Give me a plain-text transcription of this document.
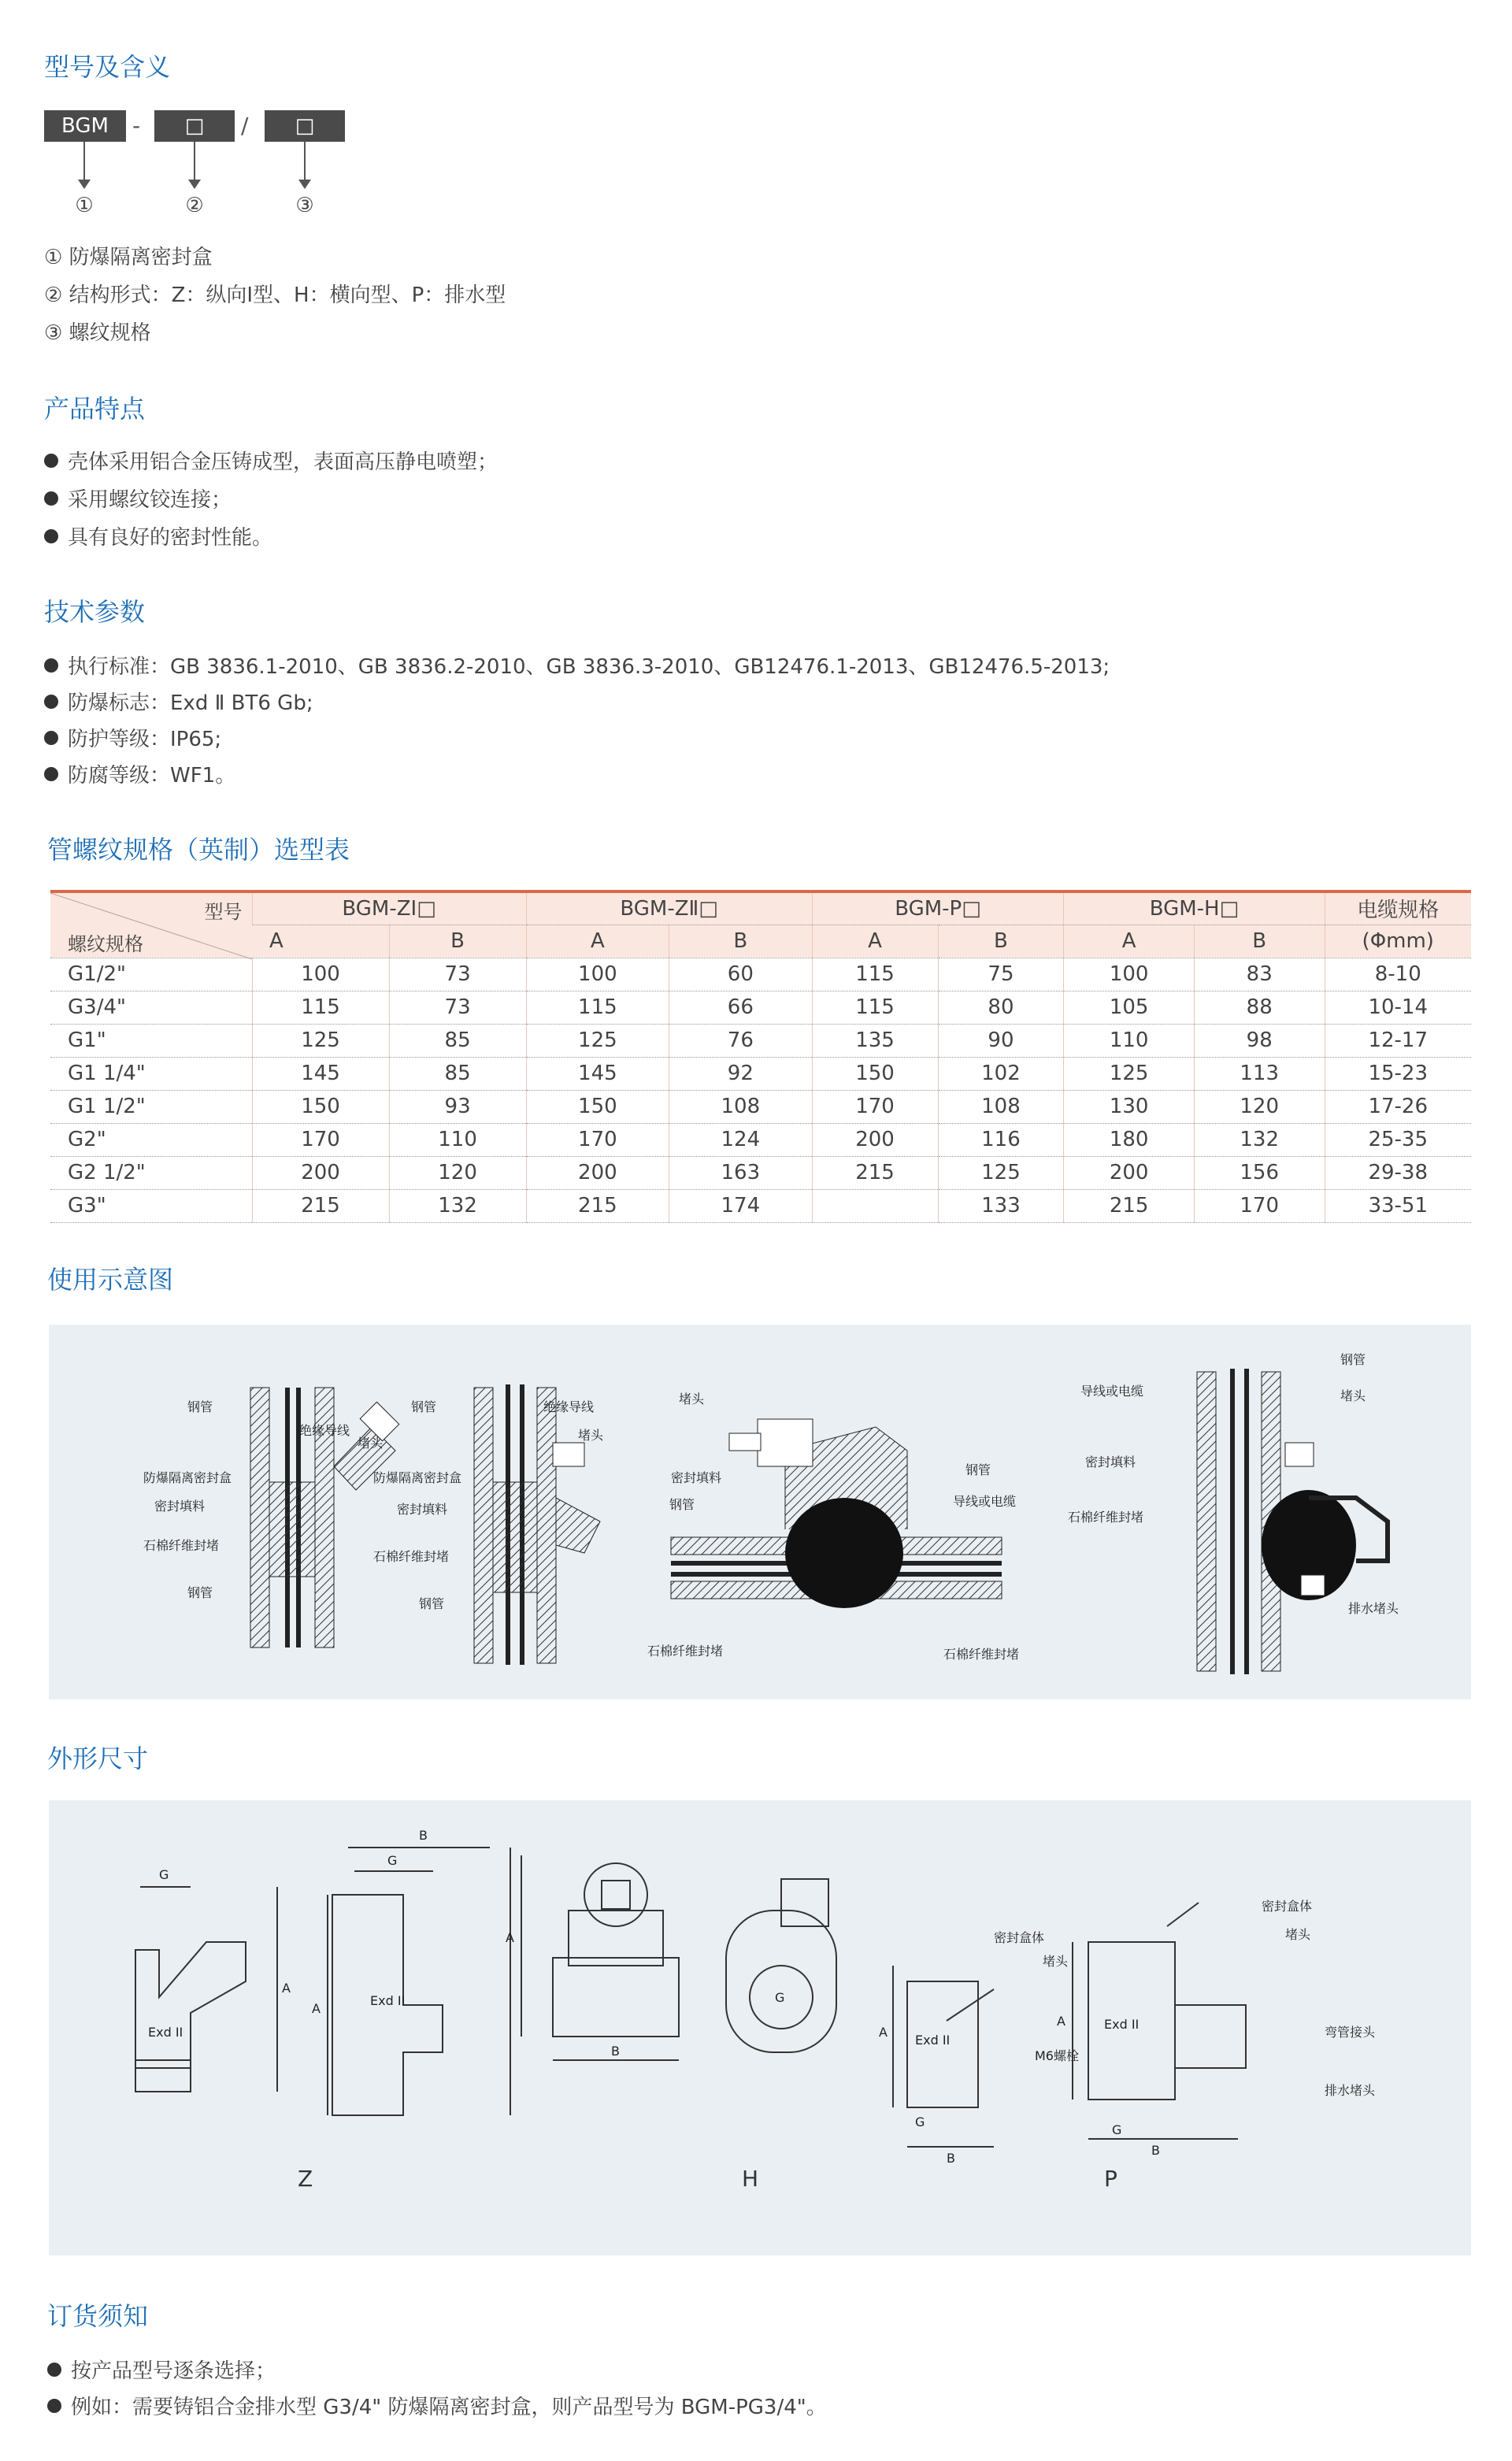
型号及含义
BGM	-	□	/	□
①	②	③
① 防爆隔离密封盒
② 结构形式：Z：纵向Ⅰ型、H：横向型、P：排水型
③ 螺纹规格
产品特点
壳体采用铝合金压铸成型，表面高压静电喷塑；
采用螺纹铰连接；
具有良好的密封性能。
技术参数
执行标准：GB 3836.1-2010、GB 3836.2-2010、GB 3836.3-2010、GB12476.1-2013、GB12476.5-2013;
防爆标志：Exd Ⅱ BT6 Gb;
防护等级：IP65;
防腐等级：WF1。
管螺纹规格（英制）选型表
型号
螺纹规格	BGM-ZⅠ□		BGM-ZⅡ□		BGM-P□		BGM-H□		电缆规格
	A	B	A	B	A	B	A	B	(Φmm)
G1/2"	100	73	100	60	115	75	100	83	8-10
G3/4"	115	73	115	66	115	80	105	88	10-14
G1"	125	85	125	76	135	90	110	98	12-17
G1 1/4"	145	85	145	92	150	102	125	113	15-23
G1 1/2"	150	93	150	108	170	108	130	120	17-26
G2"	170	110	170	124	200	116	180	132	25-35
G2 1/2"	200	120	200	163	215	125	200	156	29-38
G3"	215	132	215	174		133	215	170	33-51
使用示意图
钢管
绝缘导线
堵头
防爆隔离密封盒
密封填料
石棉纤维封堵
钢管
钢管	绝缘导线
堵头
防爆隔离密封盒
密封填料
石棉纤维封堵
钢管
堵头
密封填料
钢管
钢管
导线或电缆
石棉纤维封堵	石棉纤维封堵
钢管
导线或电缆	堵头
密封填料
石棉纤维封堵
排水堵头
外形尺寸
G
A
Exd II
B
G
A
Exd II
A
B
G
密封盒体
堵头
M6螺栓
A
Exd II
G
B
密封盒体
堵头
弯管接头
排水堵头
A	Exd II
G
B
Z	H	P
订货须知
按产品型号逐条选择；
例如：需要铸铝合金排水型 G3/4" 防爆隔离密封盒，则产品型号为 BGM-PG3/4"。
